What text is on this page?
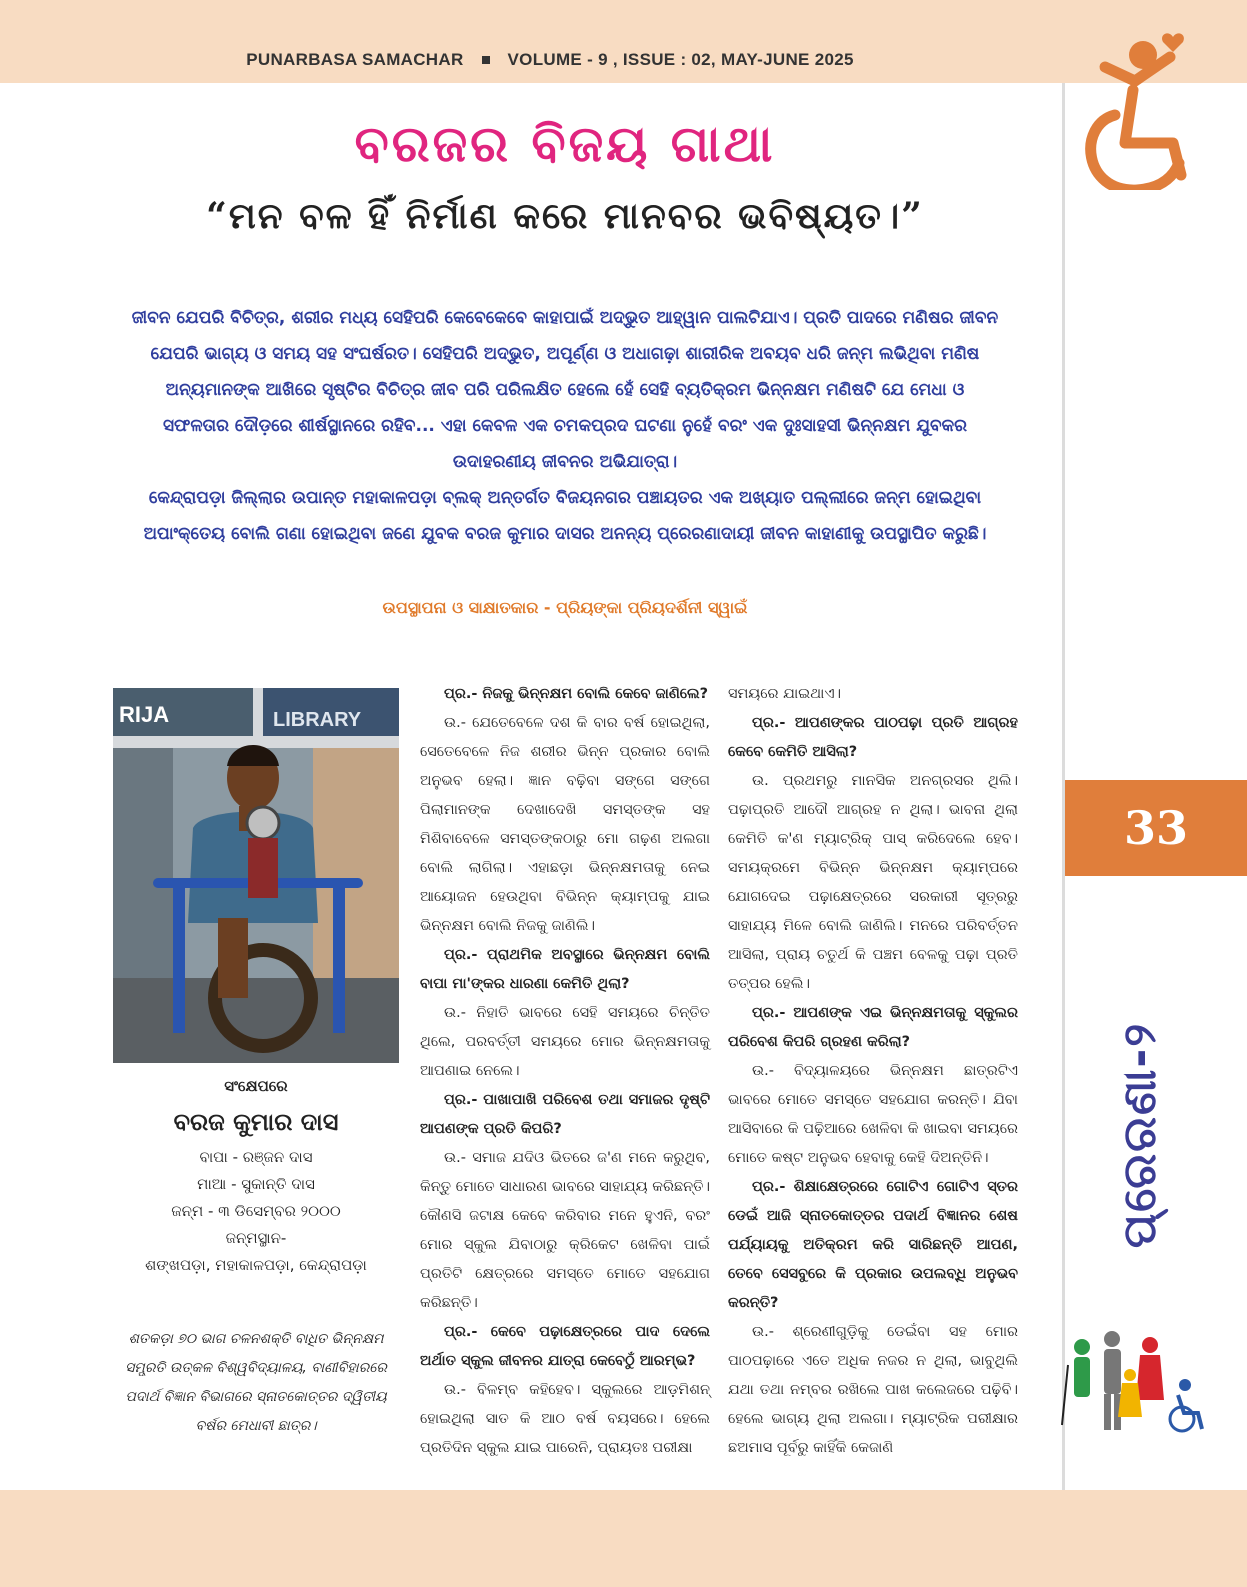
PUNARBASA SAMACHAR	VOLUME - 9 , ISSUE : 02, MAY-JUNE 2025
ବରଜର ବିଜୟ ଗାଥା
“ମନ ବଳ ହିଁ ନିର୍ମାଣ କରେ ମାନବର ଭବିଷ୍ୟତ।”

ଜୀବନ ଯେପରି ବିଚିତ୍ର, ଶରୀର ମଧ୍ୟ ସେହିପରି କେବେକେବେ କାହାପାଇଁ ଅଦ୍ଭୁତ ଆହ୍ୱାନ ପାଲଟିଯାଏ। ପ୍ରତି ପାଦରେ ମଣିଷର ଜୀବନ ଯେପରି ଭାଗ୍ୟ ଓ ସମୟ ସହ ସଂଘର୍ଷରତ। ସେହିପରି ଅଦ୍ଭୁତ, ଅପୂର୍ଣ୍ଣ ଓ ଅଧାଗଢ଼ା ଶାରୀରିକ ଅବୟବ ଧରି ଜନ୍ମ ଲଭିଥିବା ମଣିଷ ଅନ୍ୟମାନଙ୍କ ଆଖିରେ ସୃଷ୍ଟିର ବିଚିତ୍ର ଜୀବ ପରି ପରିଲକ୍ଷିତ ହେଲେ ହେଁ ସେହି ବ୍ୟତିକ୍ରମ ଭିନ୍ନକ୍ଷମ ମଣିଷଟି ଯେ ମେଧା ଓ ସଫଳତାର ଦୌଡ଼ରେ ଶୀର୍ଷସ୍ଥାନରେ ରହିବ... ଏହା କେବଳ ଏକ ଚମକପ୍ରଦ ଘଟଣା ନୁହେଁ ବରଂ ଏକ ଦୁଃସାହସୀ ଭିନ୍ନକ୍ଷମ ଯୁବକର ଉଦାହରଣୀୟ ଜୀବନର ଅଭିଯାତ୍ରା।

କେନ୍ଦ୍ରାପଡ଼ା ଜିଲ୍ଲାର ଉପାନ୍ତ ମହାକାଳପଡ଼ା ବ୍ଲକ୍ ଅନ୍ତର୍ଗତ ବିଜୟନଗର ପଞ୍ଚାୟତର ଏକ ଅଖ୍ୟାତ ପଲ୍ଲୀରେ ଜନ୍ମ ହୋଇଥିବା ଅପାଂକ୍ତେୟ ବୋଲି ଗଣା ହୋଇଥିବା ଜଣେ ଯୁବକ ବରଜ କୁମାର ଦାସର ଅନନ୍ୟ ପ୍ରେରଣାଦାୟୀ ଜୀବନ କାହାଣୀକୁ ଉପସ୍ଥାପିତ କରୁଛି।

ଉପସ୍ଥାପନା ଓ ସାକ୍ଷାତକାର - ପ୍ରିୟଙ୍କା ପ୍ରିୟଦର୍ଶିନୀ ସ୍ୱାଇଁ
33
ପ୍ରେରଣା-୨
RIJA	LIBRARY
ସଂକ୍ଷେପରେ
ବରଜ କୁମାର ଦାସ
ବାପା - ରଞ୍ଜନ ଦାସ
ମାଆ - ସୁକାନ୍ତି ଦାସ
ଜନ୍ମ - ୩ ଡିସେମ୍ବର ୨୦୦୦
ଜନ୍ମସ୍ଥାନ-
ଶଙ୍ଖପଡ଼ା, ମହାକାଳପଡ଼ା, କେନ୍ଦ୍ରାପଡ଼ା
ଶତକଡ଼ା ୭୦ ଭାଗ ଚଳନଶକ୍ତି ବାଧିତ ଭିନ୍ନକ୍ଷମ ସମ୍ପ୍ରତି ଉତ୍କଳ ବିଶ୍ୱବିଦ୍ୟାଳୟ, ବାଣୀବିହାରରେ ପଦାର୍ଥ ବିଜ୍ଞାନ ବିଭାଗରେ ସ୍ନାତକୋତ୍ତର ଦ୍ୱିତୀୟ ବର୍ଷର ମେଧାବୀ ଛାତ୍ର।

ପ୍ର.- ନିଜକୁ ଭିନ୍ନକ୍ଷମ ବୋଲି କେବେ ଜାଣିଲେ?

ଉ.- ଯେତେବେଳେ ଦଶ କି ବାର ବର୍ଷ ହୋଇଥିଲା, ସେତେବେଳେ ନିଜ ଶରୀର ଭିନ୍ନ ପ୍ରକାର ବୋଲି ଅନୁଭବ ହେଲା। ଜ୍ଞାନ ବଢ଼ିବା ସଙ୍ଗେ ସଙ୍ଗେ ପିଲାମାନଙ୍କ ଦେଖାଦେଖି ସମସ୍ତଙ୍କ ସହ ମିଶିବାବେଳେ ସମସ୍ତଙ୍କଠାରୁ ମୋ ଗଢ଼ଣ ଅଲଗା ବୋଲି ଲାଗିଲା। ଏହାଛଡ଼ା ଭିନ୍ନକ୍ଷମତାକୁ ନେଇ ଆୟୋଜନ ହେଉଥିବା ବିଭିନ୍ନ କ୍ୟାମ୍ପକୁ ଯାଇ ଭିନ୍ନକ୍ଷମ ବୋଲି ନିଜକୁ ଜାଣିଲି।

ପ୍ର.- ପ୍ରାଥମିକ ଅବସ୍ଥାରେ ଭିନ୍ନକ୍ଷମ ବୋଲି ବାପା ମା'ଙ୍କର ଧାରଣା କେମିତି ଥିଲା?

ଉ.- ନିହାତି ଭାବରେ ସେହି ସମୟରେ ଚିନ୍ତିତ ଥିଲେ, ପରବର୍ତ୍ତୀ ସମୟରେ ମୋର ଭିନ୍ନକ୍ଷମତାକୁ ଆପଣାଇ ନେଲେ।

ପ୍ର.- ପାଖାପାଖି ପରିବେଶ ତଥା ସମାଜର ଦୃଷ୍ଟି ଆପଣଙ୍କ ପ୍ରତି କିପରି?

ଉ.- ସମାଜ ଯଦିଓ ଭିତରେ ଜ'ଣ ମନେ କରୁଥିବ, କିନ୍ତୁ ମୋତେ ସାଧାରଣ ଭାବରେ ସାହାଯ୍ୟ କରିଛନ୍ତି। କୌଣସି ଜଟାକ୍ଷ କେବେ କରିବାର ମନେ ହୁଏନି, ବରଂ ମୋର ସ୍କୁଲ ଯିବାଠାରୁ କ୍ରିକେଟ ଖେଳିବା ପାଇଁ ପ୍ରତିଟି କ୍ଷେତ୍ରରେ ସମସ୍ତେ ମୋତେ ସହଯୋଗ କରିଛନ୍ତି।

ପ୍ର.- କେବେ ପଢ଼ାକ୍ଷେତ୍ରରେ ପାଦ ଦେଲେ ଅର୍ଥାତ ସ୍କୁଲ ଜୀବନର ଯାତ୍ରା କେବେଠୁଁ ଆରମ୍ଭ?

ଉ.- ବିଳମ୍ବ କହିହେବ। ସ୍କୁଲରେ ଆଡ଼ମିଶନ୍ ହୋଇଥିଲା ସାତ କି ଆଠ ବର୍ଷ ବୟସରେ। ହେଲେ ପ୍ରତିଦିନ ସ୍କୁଲ ଯାଇ ପାରେନି, ପ୍ରାୟତଃ ପରୀକ୍ଷା

ସମୟରେ ଯାଇଥାଏ।

ପ୍ର.- ଆପଣଙ୍କର ପାଠପଢ଼ା ପ୍ରତି ଆଗ୍ରହ କେବେ କେମିତି ଆସିଲା?

ଉ. ପ୍ରଥମରୁ ମାନସିକ ଅନଗ୍ରସର ଥିଲି। ପଢ଼ାପ୍ରତି ଆଦୌ ଆଗ୍ରହ ନ ଥିଲା। ଭାବନା ଥିଲା କେମିତି କ'ଣ ମ୍ୟାଟ୍ରିକ୍ ପାସ୍ କରିଦେଲେ ହେବ। ସମୟକ୍ରମେ ବିଭିନ୍ନ ଭିନ୍ନକ୍ଷମ କ୍ୟାମ୍ପରେ ଯୋଗଦେଇ ପଢ଼ାକ୍ଷେତ୍ରରେ ସରକାରୀ ସୂତ୍ରରୁ ସାହାଯ୍ୟ ମିଳେ ବୋଲି ଜାଣିଲି। ମନରେ ପରିବର୍ତ୍ତନ ଆସିଲା, ପ୍ରାୟ ଚତୁର୍ଥ କି ପଞ୍ଚମ ବେଳକୁ ପଢ଼ା ପ୍ରତି ତତ୍ପର ହେଲି।

ପ୍ର.- ଆପଣଙ୍କ ଏଇ ଭିନ୍ନକ୍ଷମତାକୁ ସ୍କୁଲର ପରିବେଶ କିପରି ଗ୍ରହଣ କରିଲା?

ଉ.- ବିଦ୍ୟାଳୟରେ ଭିନ୍ନକ୍ଷମ ଛାତ୍ରଟିଏ ଭାବରେ ମୋତେ ସମସ୍ତେ ସହଯୋଗ କରନ୍ତି। ଯିବା ଆସିବାରେ କି ପଢ଼ିଆରେ ଖେଳିବା କି ଖାଇବା ସମୟରେ ମୋତେ କଷ୍ଟ ଅନୁଭବ ହେବାକୁ କେହି ଦିଅନ୍ତିନି।

ପ୍ର.- ଶିକ୍ଷାକ୍ଷେତ୍ରରେ ଗୋଟିଏ ଗୋଟିଏ ସ୍ତର ଡେଇଁ ଆଜି ସ୍ନାତକୋତ୍ତର ପଦାର୍ଥ ବିଜ୍ଞାନର ଶେଷ ପର୍ଯ୍ୟାୟକୁ ଅତିକ୍ରମ କରି ସାରିଛନ୍ତି ଆପଣ, ତେବେ ସେସବୁରେ କି ପ୍ରକାର ଉପଲବ୍ଧି ଅନୁଭବ କରନ୍ତି?

ଉ.- ଶ୍ରେଣୀଗୁଡ଼ିକୁ ଡେଇଁବା ସହ ମୋର ପାଠପଢ଼ାରେ ଏତେ ଅଧିକ ନଜର ନ ଥିଲା, ଭାବୁଥିଲି ଯଥା ତଥା ନମ୍ବର ରଖିଲେ ପାଖ କଲେଜରେ ପଢ଼ିବି। ହେଲେ ଭାଗ୍ୟ ଥିଲା ଅଲଗା। ମ୍ୟାଟ୍ରିକ ପରୀକ୍ଷାର ଛଅମାସ ପୂର୍ବରୁ କାହିଁକି କେଜାଣି
